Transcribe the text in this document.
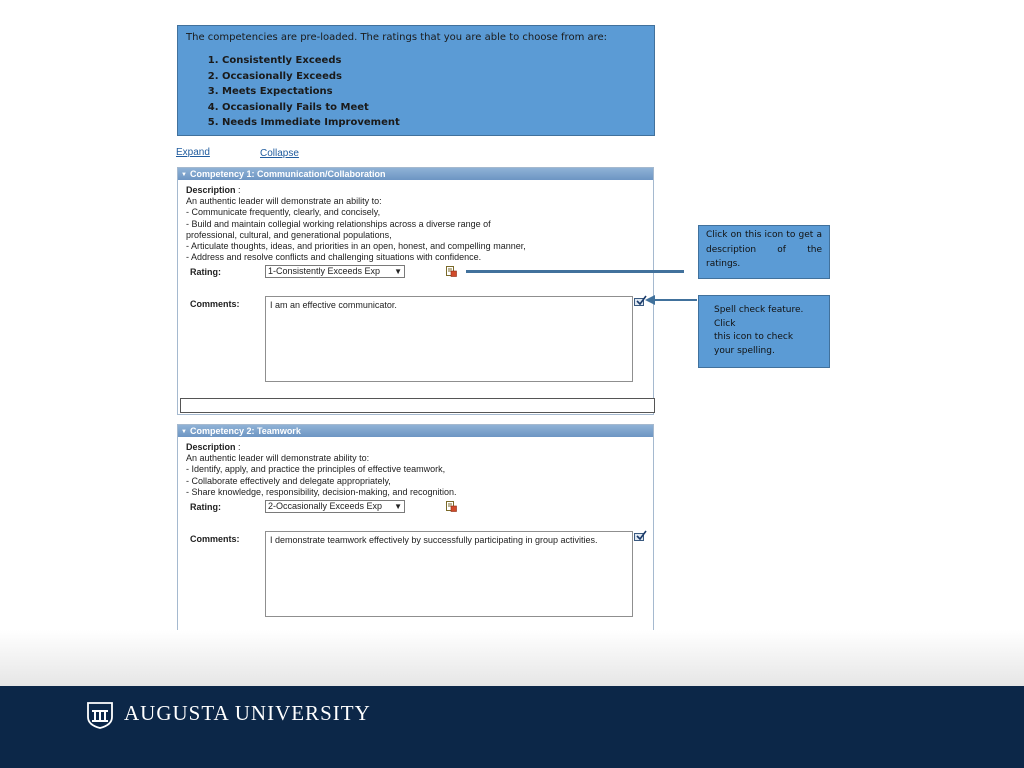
The competencies are pre-loaded. The ratings that you are able to choose from are:
1. Consistently Exceeds
2. Occasionally Exceeds
3. Meets Expectations
4. Occasionally Fails to Meet
5. Needs Immediate Improvement
Expand	Collapse
▼ Competency 1: Communication/Collaboration
Description :
An authentic leader will demonstrate an ability to:
- Communicate frequently, clearly, and concisely,
- Build and maintain collegial working relationships across a diverse range of
professional, cultural, and generational populations,
- Articulate thoughts, ideas, and priorities in an open, honest, and compelling manner,
- Address and resolve conflicts and challenging situations with confidence.
Rating:	1-Consistently Exceeds Exp ▼
Comments:	I am an effective communicator.
▼ Competency 2: Teamwork
Description :
An authentic leader will demonstrate ability to:
- Identify, apply, and practice the principles of effective teamwork,
- Collaborate effectively and delegate appropriately,
- Share knowledge, responsibility, decision-making, and recognition.
Rating:	2-Occasionally Exceeds Exp ▼
Comments:	I demonstrate teamwork effectively by successfully participating in group activities.
Click on this icon to get a description of the ratings.
Spell check feature.
Click
this icon to check
your spelling.
AUGUSTA UNIVERSITY
